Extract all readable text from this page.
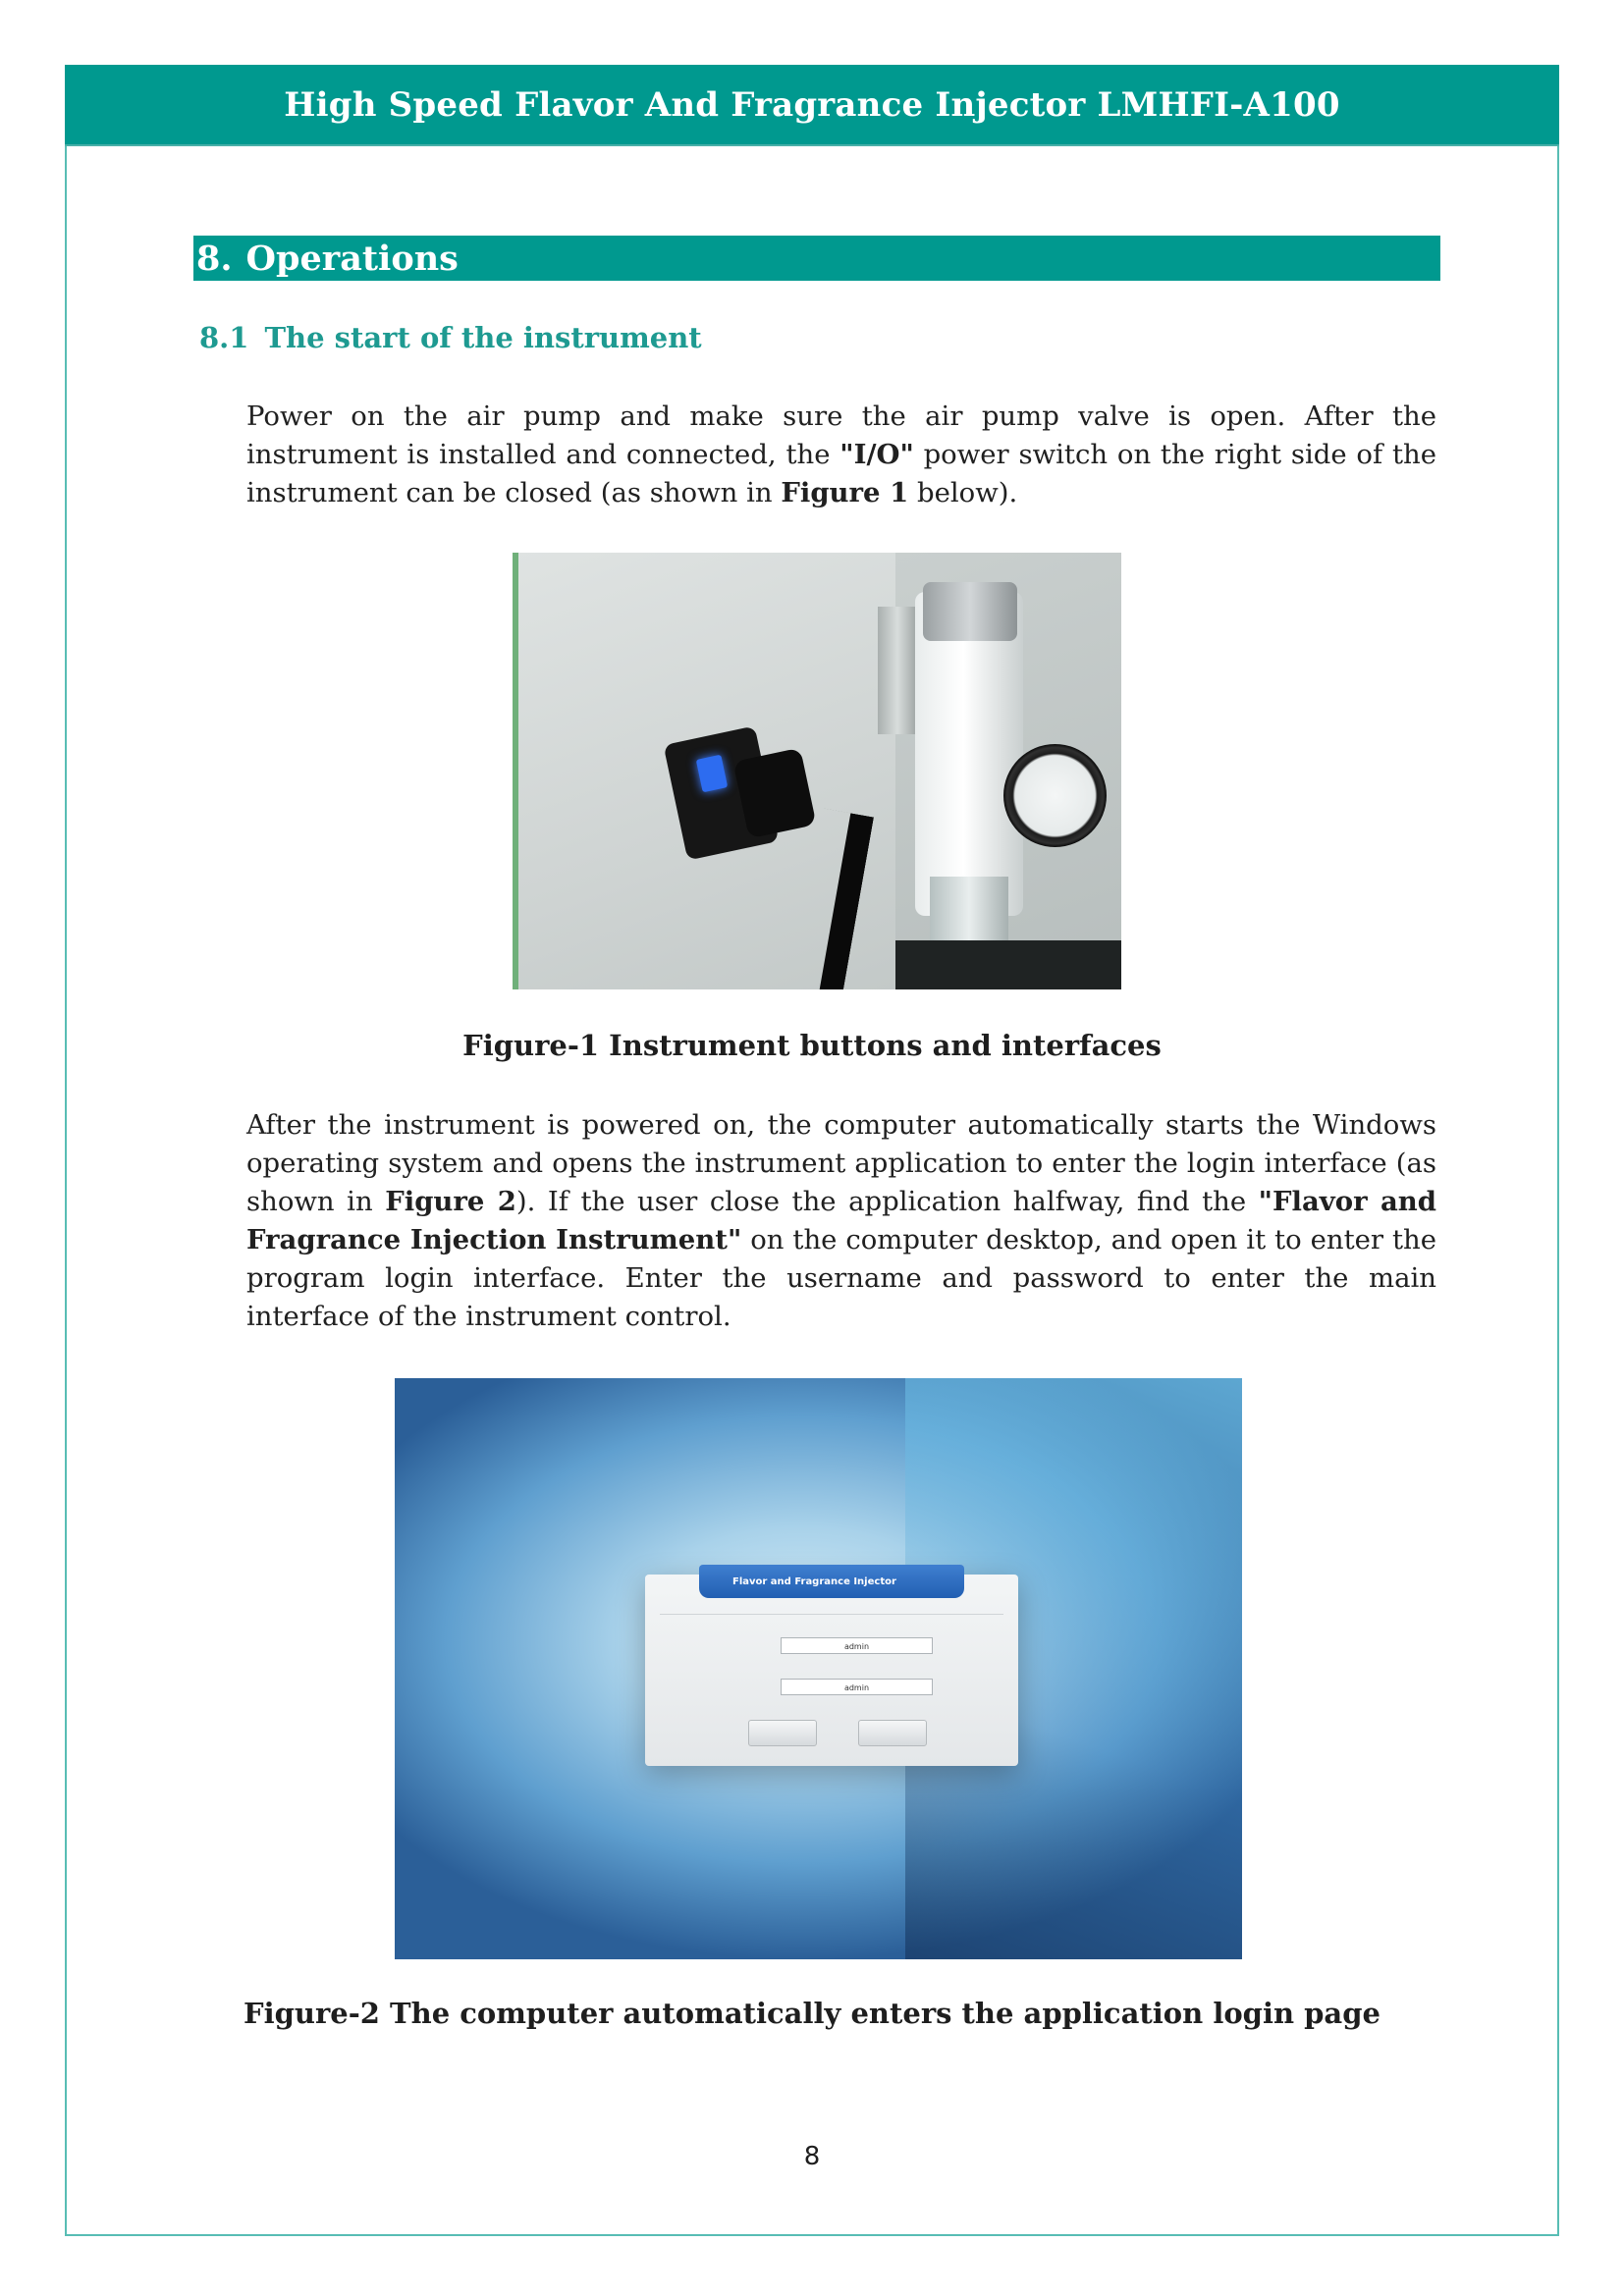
High Speed Flavor And Fragrance Injector LMHFI-A100
8. Operations
8.1 The start of the instrument

Power on the air pump and make sure the air pump valve is open. After the instrument is installed and connected, the "I/O" power switch on the right side of the instrument can be closed (as shown in Figure 1 below).

Figure-1 Instrument buttons and interfaces

After the instrument is powered on, the computer automatically starts the Windows operating system and opens the instrument application to enter the login interface (as shown in Figure 2). If the user close the application halfway, find the "Flavor and Fragrance Injection Instrument" on the computer desktop, and open it to enter the program login interface. Enter the username and password to enter the main interface of the instrument control.

Flavor and Fragrance Injector
admin
admin

Figure-2 The computer automatically enters the application login page

8
